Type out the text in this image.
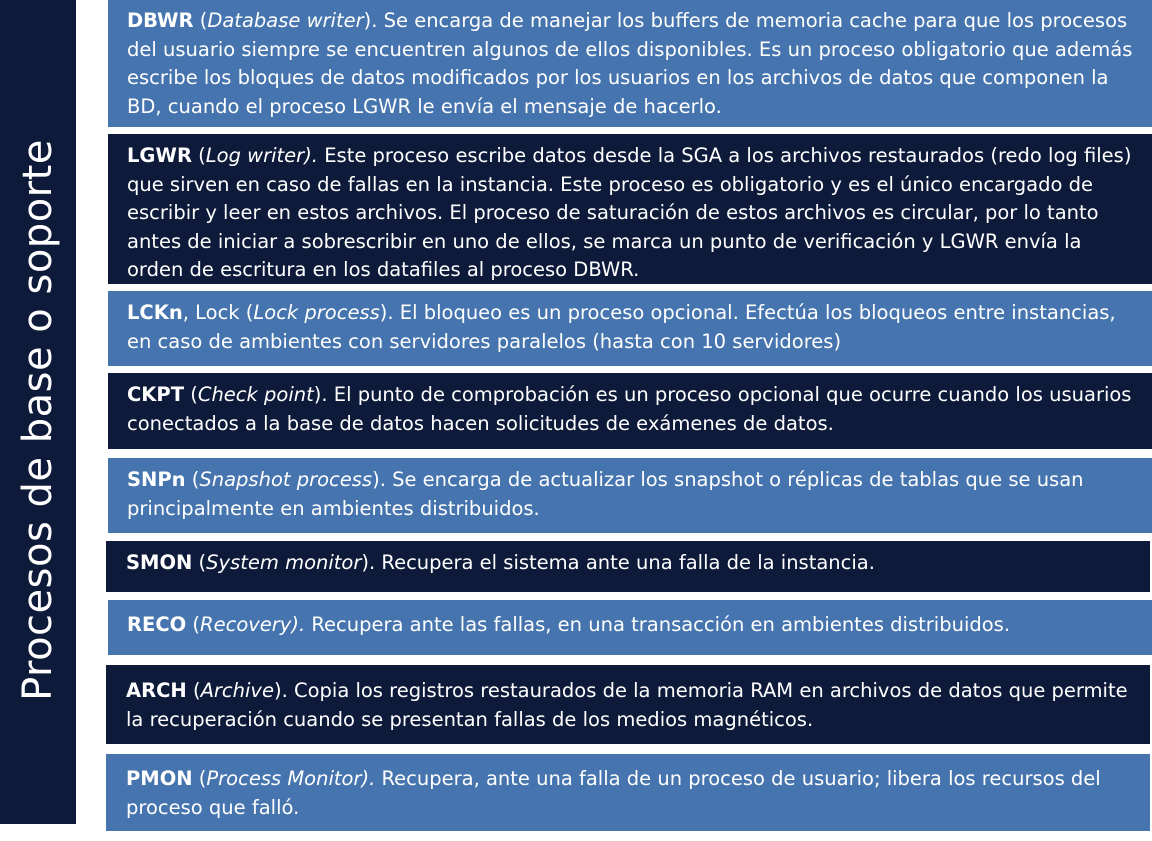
Procesos de base o soporte
DBWR (Database writer). Se encarga de manejar los buffers de memoria cache para que los procesos del usuario siempre se encuentren algunos de ellos disponibles. Es un proceso obligatorio que además escribe los bloques de datos modificados por los usuarios en los archivos de datos que componen la BD, cuando el proceso LGWR le envía el mensaje de hacerlo.
LGWR (Log writer). Este proceso escribe datos desde la SGA a los archivos restaurados (redo log files) que sirven en caso de fallas en la instancia. Este proceso es obligatorio y es el único encargado de escribir y leer en estos archivos. El proceso de saturación de estos archivos es circular, por lo tanto antes de iniciar a sobrescribir en uno de ellos, se marca un punto de verificación y LGWR envía la orden de escritura en los datafiles al proceso DBWR.
LCKn, Lock (Lock process). El bloqueo es un proceso opcional. Efectúa los bloqueos entre instancias, en caso de ambientes con servidores paralelos (hasta con 10 servidores)
CKPT (Check point). El punto de comprobación es un proceso opcional que ocurre cuando los usuarios conectados a la base de datos hacen solicitudes de exámenes de datos.
SNPn (Snapshot process). Se encarga de actualizar los snapshot o réplicas de tablas que se usan principalmente en ambientes distribuidos.
SMON (System monitor). Recupera el sistema ante una falla de la instancia.
RECO (Recovery). Recupera ante las fallas, en una transacción en ambientes distribuidos.
ARCH (Archive). Copia los registros restaurados de la memoria RAM en archivos de datos que permite la recuperación cuando se presentan fallas de los medios magnéticos.
PMON (Process Monitor). Recupera, ante una falla de un proceso de usuario; libera los recursos del proceso que falló.
